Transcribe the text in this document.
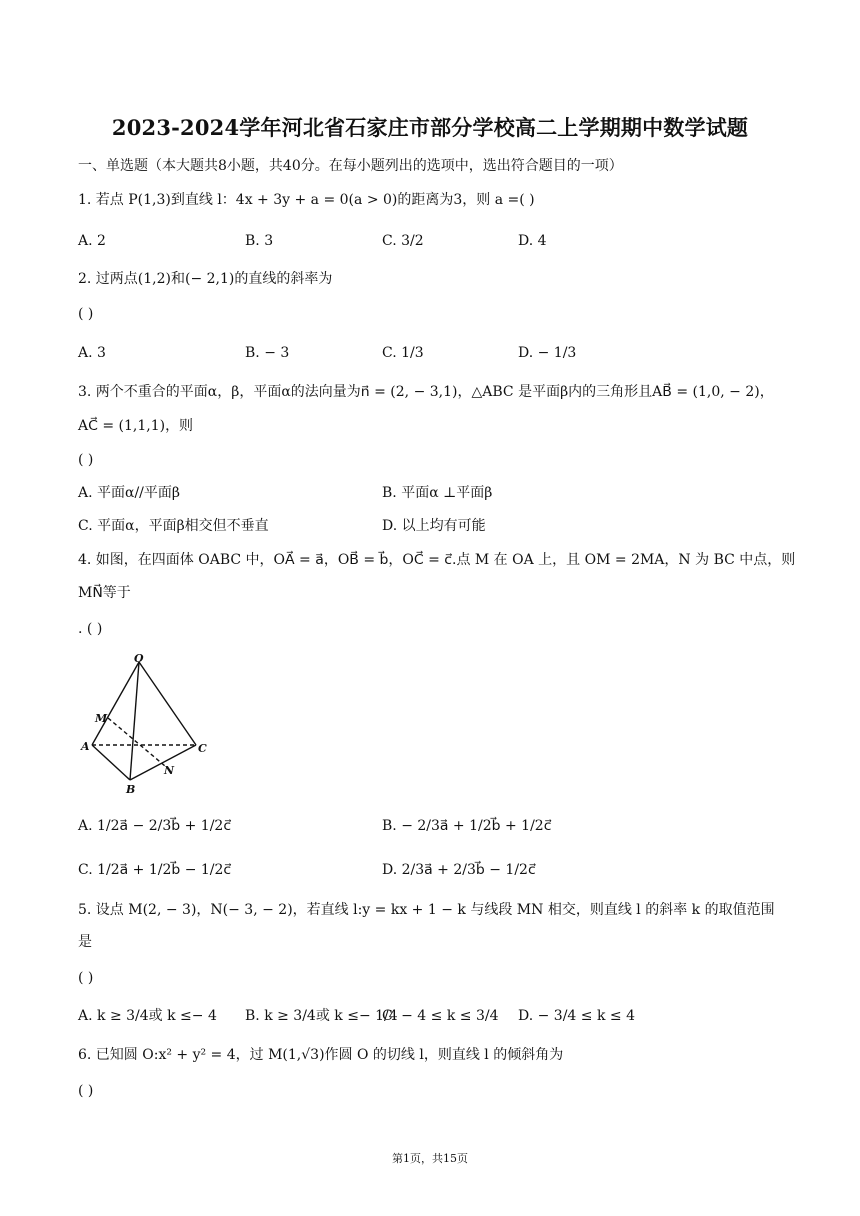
2023-2024学年河北省石家庄市部分学校高二上学期期中数学试题
一、单选题（本大题共8小题，共40分。在每小题列出的选项中，选出符合题目的一项）
1. 若点 P(1,3)到直线 l：4x + 3y + a = 0(a > 0)的距离为3，则 a =( )
A. 2	B. 3	C. 3/2	D. 4
2. 过两点(1,2)和(− 2,1)的直线的斜率为
( )
A. 3	B. − 3	C. 1/3	D. − 1/3
3. 两个不重合的平面α，β，平面α的法向量为n⃗ = (2, − 3,1)，△ABC 是平面β内的三角形且AB⃗ = (1,0, − 2)，
AC⃗ = (1,1,1)，则
( )
A. 平面α//平面β	B. 平面α ⊥平面β
C. 平面α，平面β相交但不垂直	D. 以上均有可能
4. 如图，在四面体 OABC 中，OA⃗ = a⃗，OB⃗ = b⃗，OC⃗ = c⃗.点 M 在 OA 上，且 OM = 2MA，N 为 BC 中点，则
MN⃗等于
. ( )
O
M
A	C
N
B
A. 1/2a⃗ − 2/3b⃗ + 1/2c⃗	B. − 2/3a⃗ + 1/2b⃗ + 1/2c⃗
C. 1/2a⃗ + 1/2b⃗ − 1/2c⃗	D. 2/3a⃗ + 2/3b⃗ − 1/2c⃗
5. 设点 M(2, − 3)，N(− 3, − 2)，若直线 l:y = kx + 1 − k 与线段 MN 相交，则直线 l 的斜率 k 的取值范围
是
( )
A. k ≥ 3/4或 k ≤− 4 B. k ≥ 3/4或 k ≤− 1/4
C. − 4 ≤ k ≤ 3/4 D. − 3/4 ≤ k ≤ 4
6. 已知圆 O:x² + y² = 4，过 M(1,√3)作圆 O 的切线 l，则直线 l 的倾斜角为
( )
第1页，共15页
